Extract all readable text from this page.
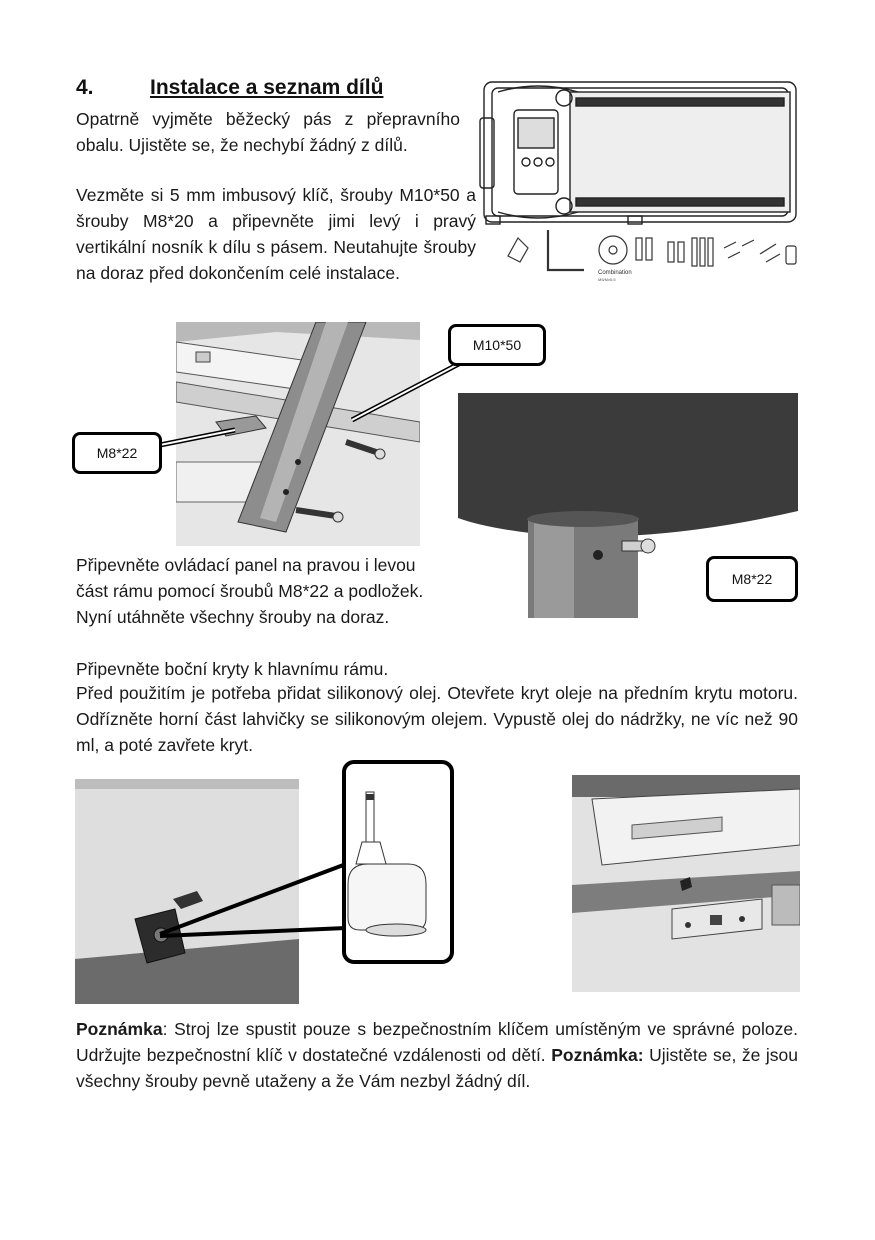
4.	Instalace a seznam dílů
Opatrně vyjměte běžecký pás z přepravního obalu. Ujistěte se, že nechybí žádný z dílů.
Vezměte si 5 mm imbusový klíč, šrouby M10*50 a šrouby M8*20 a připevněte jimi levý i pravý vertikální nosník k dílu s pásem. Neutahujte šrouby na doraz před dokončením celé instalace.	Combination
M5/Mx5.5
M10*50
M8*22
M8*22
Připevněte ovládací panel na pravou i levou část rámu pomocí šroubů M8*22 a podložek. Nyní utáhněte všechny šrouby na doraz.
Připevněte boční kryty k hlavnímu rámu.
Před použitím je potřeba přidat silikonový olej. Otevřete kryt oleje na předním krytu motoru. Odřízněte horní část lahvičky se silikonovým olejem. Vypustě olej do nádržky, ne víc než 90 ml, a poté zavřete kryt.
Poznámka: Stroj lze spustit pouze s bezpečnostním klíčem umístěným ve správné poloze. Udržujte bezpečnostní klíč v dostatečné vzdálenosti od dětí. Poznámka: Ujistěte se, že jsou všechny šrouby pevně utaženy a že Vám nezbyl žádný díl.
